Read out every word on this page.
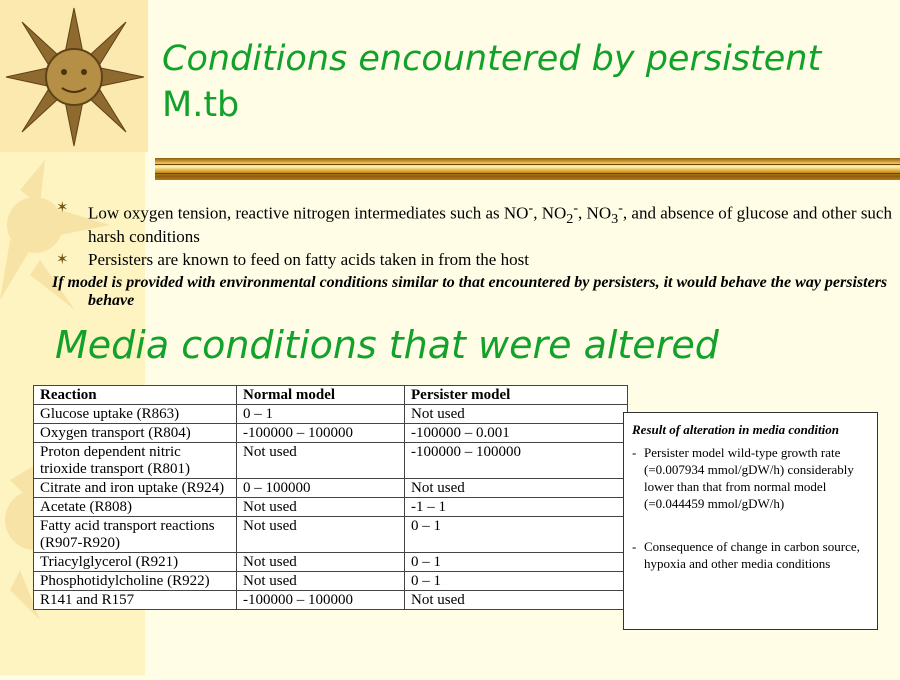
Conditions encountered by persistent
M.tb
✶ Low oxygen tension, reactive nitrogen intermediates such as NO-, $NO_2^-$, $NO_3^-$, and absence of glucose and other such harsh conditions
✶ Persisters are known to feed on fatty acids taken in from the host
If model is provided with environmental conditions similar to that encountered by persisters, it would behave the way persisters behave
Media conditions that were altered
Reaction	Normal model	Persister model
Glucose uptake (R863)	0 – 1	Not used
Oxygen transport (R804)	-100000 – 100000	-100000 – 0.001
Proton dependent nitric trioxide transport (R801)	Not used	-100000 – 100000
Citrate and iron uptake (R924)	0 – 100000	Not used
Acetate (R808)	Not used	-1 – 1
Fatty acid transport reactions (R907-R920)	Not used	0 – 1
Triacylglycerol (R921)	Not used	0 – 1
Phosphotidylcholine (R922)	Not used	0 – 1
R141 and R157	-100000 – 100000	Not used
Result of alteration in media condition
- Persister model wild-type growth rate (=0.007934 mmol/gDW/h) considerably lower than that from normal model (=0.044459 mmol/gDW/h)
- Consequence of change in carbon source, hypoxia and other media conditions
